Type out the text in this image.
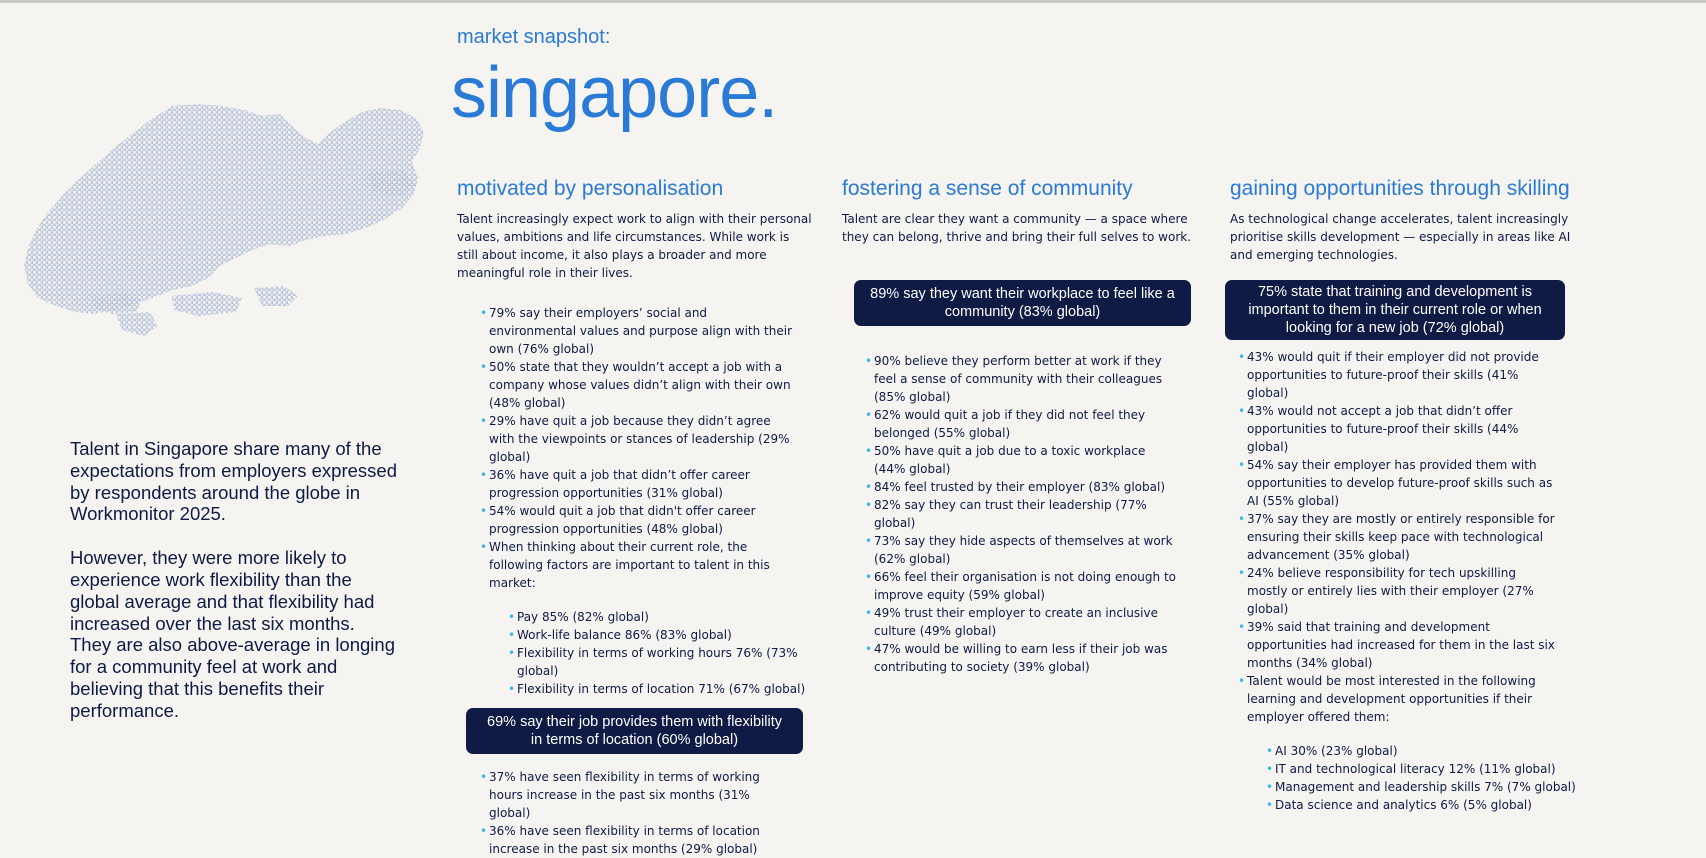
Talent in Singapore share many of the expectations from employers expressed by respondents around the globe in Workmonitor 2025.

However, they were more likely to experience work flexibility than the global average and that flexibility had increased over the last six months. They are also above-average in longing for a community feel at work and believing that this benefits their performance.

market snapshot:
singapore.
motivated by personalisation

Talent increasingly expect work to align with their personal values, ambitions and life circumstances. While work is still about income, it also plays a broader and more meaningful role in their lives.

• 79% say their employers’ social and environmental values and purpose align with their own (76% global)
• 50% state that they wouldn’t accept a job with a company whose values didn’t align with their own (48% global)
• 29% have quit a job because they didn’t agree with the viewpoints or stances of leadership (29% global)
• 36% have quit a job that didn’t offer career progression opportunities (31% global)
• 54% would quit a job that didn't offer career progression opportunities (48% global)
• When thinking about their current role, the following factors are important to talent in this market:
• Pay 85% (82% global)
• Work-life balance 86% (83% global)
• Flexibility in terms of working hours 76% (73% global)
• Flexibility in terms of location 71% (67% global)
69% say their job provides them with flexibility
in terms of location (60% global)
• 37% have seen flexibility in terms of working hours increase in the past six months (31% global)
• 36% have seen flexibility in terms of location increase in the past six months (29% global)
fostering a sense of community

Talent are clear they want a community — a space where they can belong, thrive and bring their full selves to work.

89% say they want their workplace to feel like a
community (83% global)
• 90% believe they perform better at work if they feel a sense of community with their colleagues (85% global)
• 62% would quit a job if they did not feel they belonged (55% global)
• 50% have quit a job due to a toxic workplace (44% global)
• 84% feel trusted by their employer (83% global)
• 82% say they can trust their leadership (77% global)
• 73% say they hide aspects of themselves at work (62% global)
• 66% feel their organisation is not doing enough to improve equity (59% global)
• 49% trust their employer to create an inclusive culture (49% global)
• 47% would be willing to earn less if their job was contributing to society (39% global)
gaining opportunities through skilling

As technological change accelerates, talent increasingly prioritise skills development — especially in areas like AI and emerging technologies.

75% state that training and development is
important to them in their current role or when
looking for a new job (72% global)
• 43% would quit if their employer did not provide opportunities to future-proof their skills (41% global)
• 43% would not accept a job that didn’t offer opportunities to future-proof their skills (44% global)
• 54% say their employer has provided them with opportunities to develop future-proof skills such as AI (55% global)
• 37% say they are mostly or entirely responsible for ensuring their skills keep pace with technological advancement (35% global)
• 24% believe responsibility for tech upskilling mostly or entirely lies with their employer (27% global)
• 39% said that training and development opportunities had increased for them in the last six months (34% global)
• Talent would be most interested in the following learning and development opportunities if their employer offered them:
• AI 30% (23% global)
• IT and technological literacy 12% (11% global)
• Management and leadership skills 7% (7% global)
• Data science and analytics 6% (5% global)
